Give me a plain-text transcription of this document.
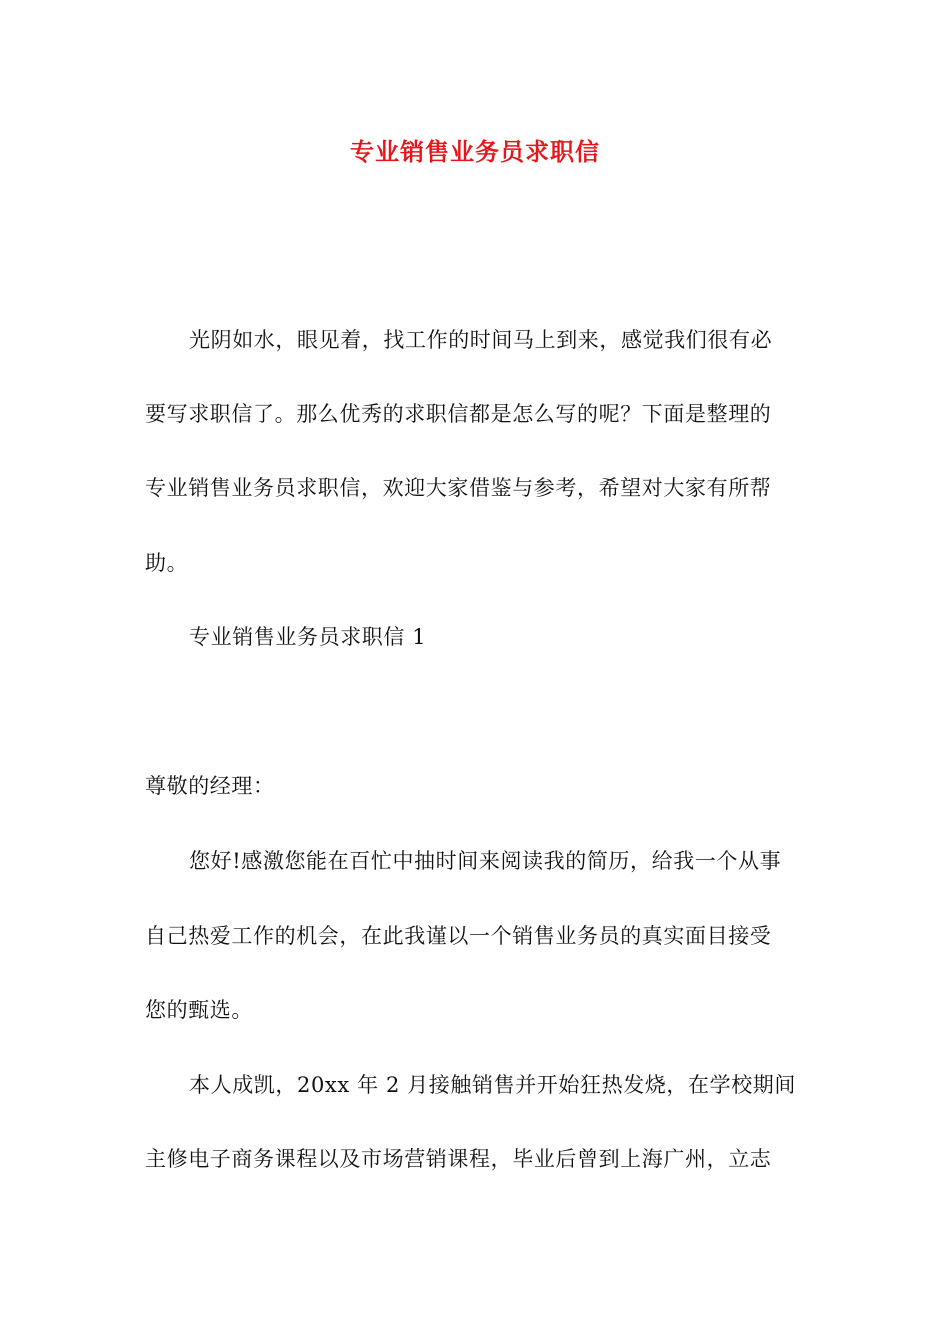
专业销售业务员求职信
光阴如水，眼见着，找工作的时间马上到来，感觉我们很有必
要写求职信了。那么优秀的求职信都是怎么写的呢？下面是整理的
专业销售业务员求职信，欢迎大家借鉴与参考，希望对大家有所帮
助。
专业销售业务员求职信 1
尊敬的经理：
您好!感激您能在百忙中抽时间来阅读我的简历，给我一个从事
自己热爱工作的机会，在此我谨以一个销售业务员的真实面目接受
您的甄选。
本人成凯，20xx 年 2 月接触销售并开始狂热发烧，在学校期间
主修电子商务课程以及市场营销课程，毕业后曾到上海广州，立志
